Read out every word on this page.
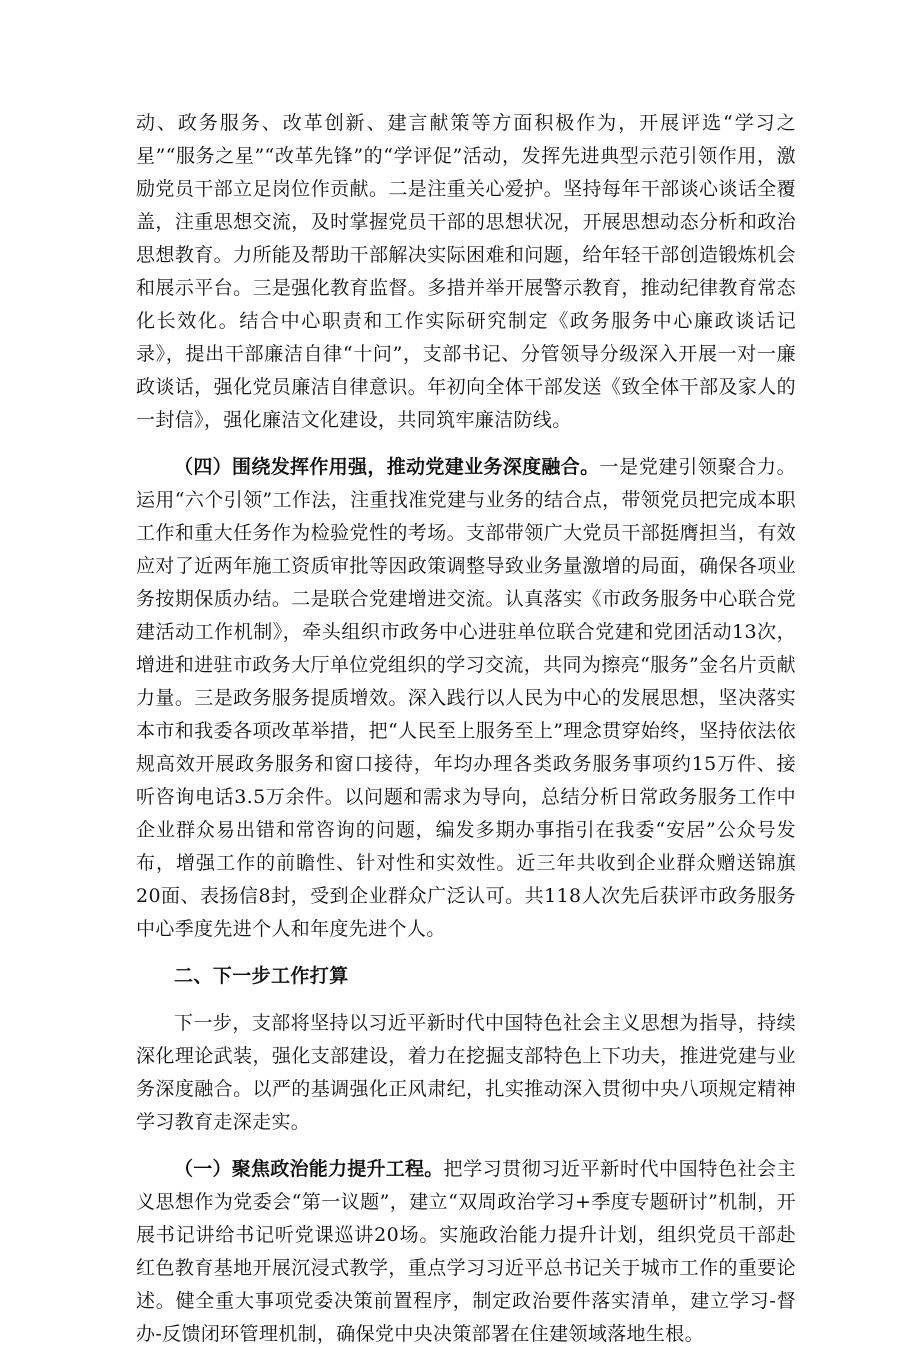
动、政务服务、改革创新、建言献策等方面积极作为，开展评选“学习之星”“服务之星”“改革先锋”的“学评促”活动，发挥先进典型示范引领作用，激励党员干部立足岗位作贡献。二是注重关心爱护。坚持每年干部谈心谈话全覆盖，注重思想交流，及时掌握党员干部的思想状况，开展思想动态分析和政治思想教育。力所能及帮助干部解决实际困难和问题，给年轻干部创造锻炼机会和展示平台。三是强化教育监督。多措并举开展警示教育，推动纪律教育常态化长效化。结合中心职责和工作实际研究制定《政务服务中心廉政谈话记录》，提出干部廉洁自律“十问”，支部书记、分管领导分级深入开展一对一廉政谈话，强化党员廉洁自律意识。年初向全体干部发送《致全体干部及家人的一封信》，强化廉洁文化建设，共同筑牢廉洁防线。

（四）围绕发挥作用强，推动党建业务深度融合。一是党建引领聚合力。运用“六个引领”工作法，注重找准党建与业务的结合点，带领党员把完成本职工作和重大任务作为检验党性的考场。支部带领广大党员干部挺膺担当，有效应对了近两年施工资质审批等因政策调整导致业务量激增的局面，确保各项业务按期保质办结。二是联合党建增进交流。认真落实《市政务服务中心联合党建活动工作机制》，牵头组织市政务中心进驻单位联合党建和党团活动13次，增进和进驻市政务大厅单位党组织的学习交流，共同为擦亮“服务”金名片贡献力量。三是政务服务提质增效。深入践行以人民为中心的发展思想，坚决落实本市和我委各项改革举措，把“人民至上服务至上”理念贯穿始终，坚持依法依规高效开展政务服务和窗口接待，年均办理各类政务服务事项约15万件、接听咨询电话3.5万余件。以问题和需求为导向，总结分析日常政务服务工作中企业群众易出错和常咨询的问题，编发多期办事指引在我委“安居”公众号发布，增强工作的前瞻性、针对性和实效性。近三年共收到企业群众赠送锦旗20面、表扬信8封，受到企业群众广泛认可。共118人次先后获评市政务服务中心季度先进个人和年度先进个人。

二、下一步工作打算

下一步，支部将坚持以习近平新时代中国特色社会主义思想为指导，持续深化理论武装，强化支部建设，着力在挖掘支部特色上下功夫，推进党建与业务深度融合。以严的基调强化正风肃纪，扎实推动深入贯彻中央八项规定精神学习教育走深走实。

（一）聚焦政治能力提升工程。把学习贯彻习近平新时代中国特色社会主义思想作为党委会“第一议题”，建立“双周政治学习+季度专题研讨”机制，开展书记讲给书记听党课巡讲20场。实施政治能力提升计划，组织党员干部赴红色教育基地开展沉浸式教学，重点学习习近平总书记关于城市工作的重要论述。健全重大事项党委决策前置程序，制定政治要件落实清单，建立学习-督办-反馈闭环管理机制，确保党中央决策部署在住建领域落地生根。
